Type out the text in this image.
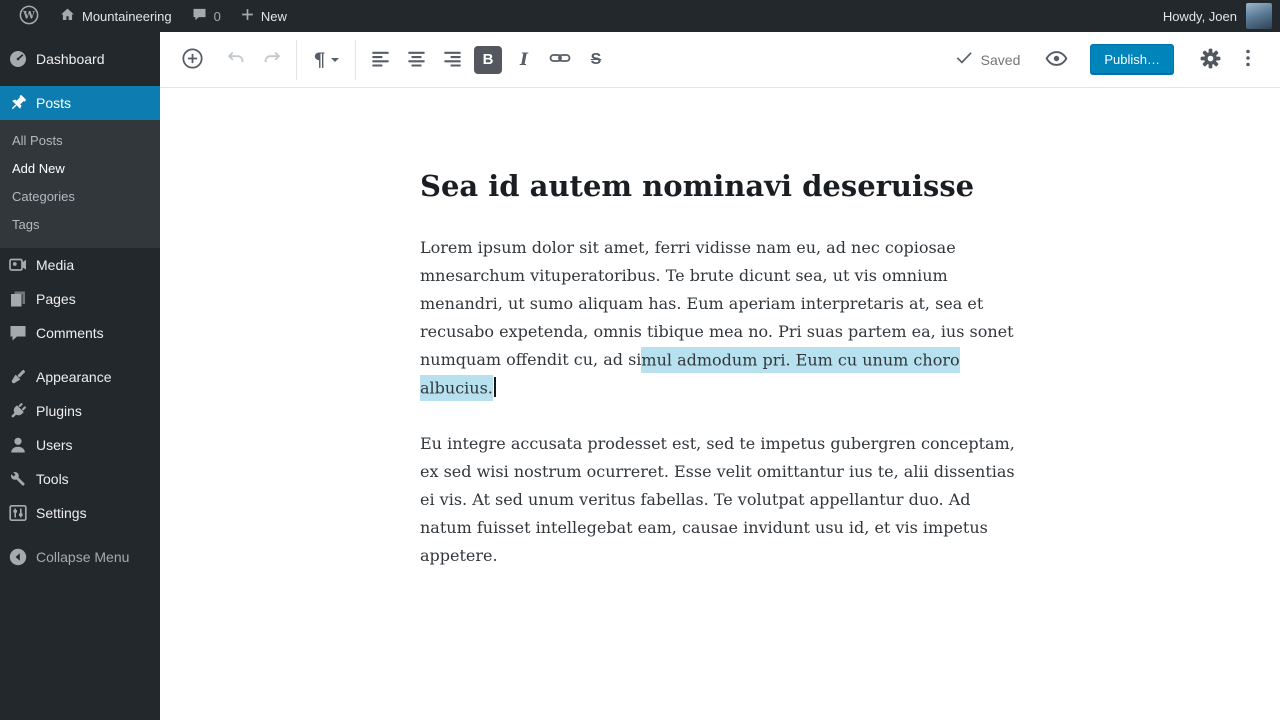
W	Mountaineering	0	New	Howdy, Joen
Dashboard
Posts
All Posts
Add New
Categories
Tags
Media
Pages
Comments
Appearance
Plugins
Users
Tools
Settings
Collapse Menu
¶	B	I	S	Saved	Publish…
Sea id autem nominavi deseruisse

Lorem ipsum dolor sit amet, ferri vidisse nam eu, ad nec copiosae mnesarchum vituperatoribus. Te brute dicunt sea, ut vis omnium menandri, ut sumo aliquam has. Eum aperiam interpretaris at, sea et recusabo expetenda, omnis tibique mea no. Pri suas partem ea, ius sonet numquam offendit cu, ad simul admodum pri. Eum cu unum choro albucius.

Eu integre accusata prodesset est, sed te impetus gubergren conceptam, ex sed wisi nostrum ocurreret. Esse velit omittantur ius te, alii dissentias ei vis. At sed unum veritus fabellas. Te volutpat appellantur duo. Ad natum fuisset intellegebat eam, causae invidunt usu id, et vis impetus appetere.
